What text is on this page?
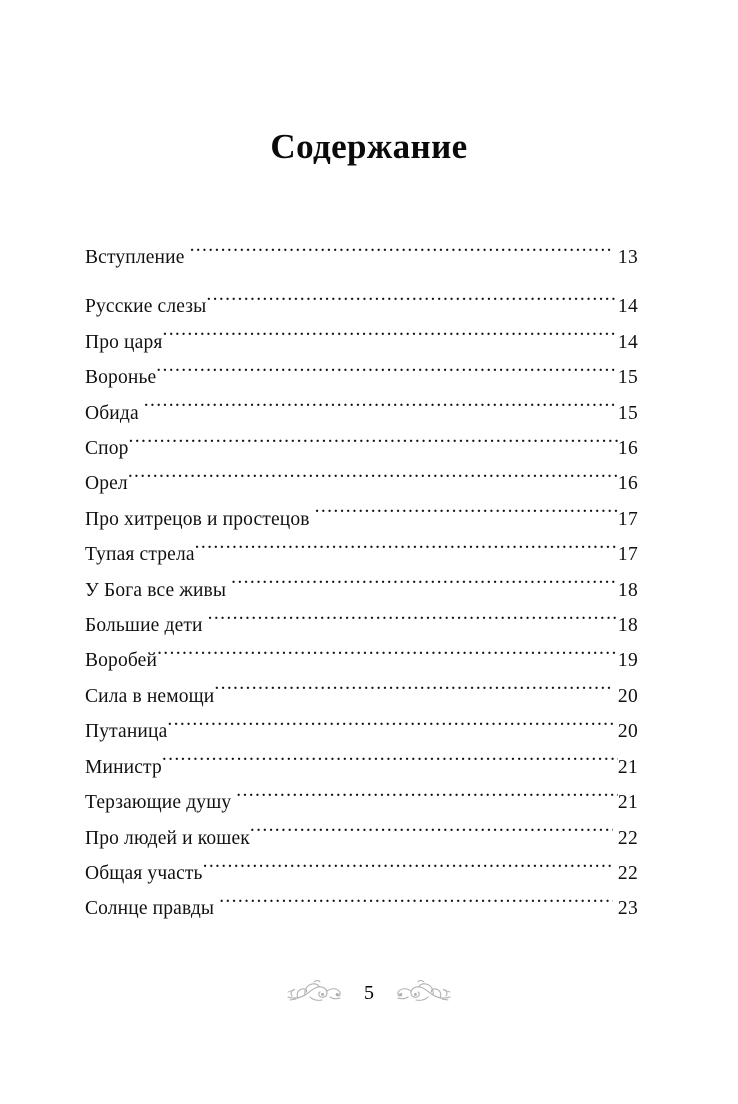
Содержание
Вступление .....	13
Русские слезы .....	14
Про царя .....	14
Воронье .....	15
Обида .....	15
Спор .....	16
Орел .....	16
Про хитрецов и простецов .....	17
Тупая стрела .....	17
У Бога все живы .....	18
Большие дети .....	18
Воробей .....	19
Сила в немощи .....	20
Путаница .....	20
Министр .....	21
Терзающие душу .....	21
Про людей и кошек .....	22
Общая участь .....	22
Солнце правды .....	23
5
